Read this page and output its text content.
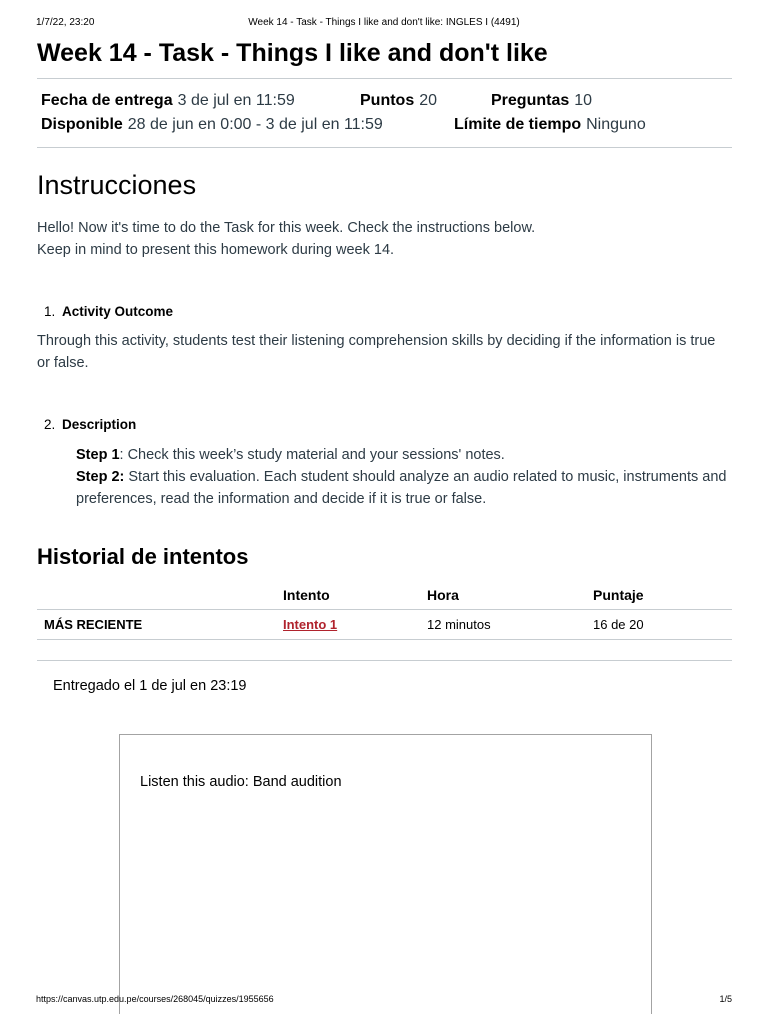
1/7/22, 23:20	Week 14 - Task - Things I like and don't like: INGLES I (4491)
Week 14 - Task - Things I like and don't like
Fecha de entrega 3 de jul en 11:59	Puntos 20	Preguntas 10
Disponible 28 de jun en 0:00 - 3 de jul en 11:59	Límite de tiempo Ninguno
Instrucciones
Hello! Now it's time to do the Task for this week. Check the instructions below.
Keep in mind to present this homework during week 14.
1. Activity Outcome
Through this activity, students test their listening comprehension skills by deciding if the information is true or false.
2. Description
Step 1: Check this week’s study material and your sessions' notes.
Step 2: Start this evaluation. Each student should analyze an audio related to music, instruments and preferences, read the information and decide if it is true or false.
Historial de intentos
	Intento	Hora	Puntaje
MÁS RECIENTE	Intento 1	12 minutos	16 de 20
Entregado el 1 de jul en 23:19
Listen this audio: Band audition
https://canvas.utp.edu.pe/courses/268045/quizzes/1955656	1/5
